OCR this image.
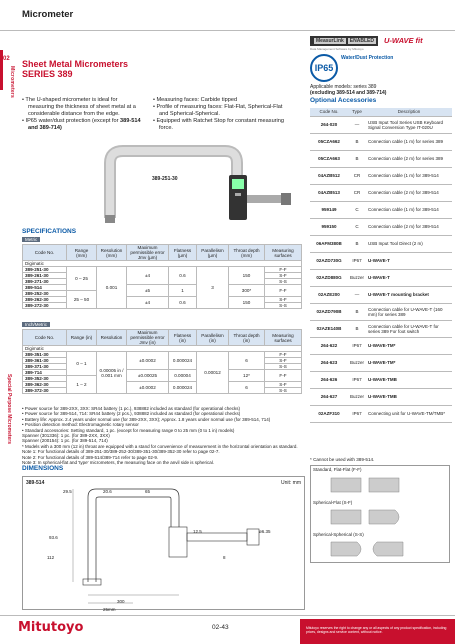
Micrometer
02
Micrometers
Special Purpose Micrometers
Sheet Metal Micrometers
SERIES 389
• The U-shaped micrometer is ideal for measuring the thickness of sheet metal at a considerable distance from the edge.
• IP65 water/dust protection (except for 389-514 and 389-714)
• Measuring faces: Carbide tipped
• Profile of measuring faces: Flat-Flat, Spherical-Flat and Spherical-Spherical.
• Equipped with Ratchet Stop for constant measuring force.
389-251-30
MeasurLink ENABLED
Data Management Software by Mitutoyo
U-WAVE fit
IP65
Water/Dust Protection
Applicable models: series 389
(excluding 389-514 and 389-714)
Optional Accessories
Code No.	Type	Description
264-020	—	USB Input Tool Series USB Keyboard Signal Conversion Type IT-020U
05CZA662	B	Connection cable (1 m) for series 389
05CZA663	B	Connection cable (2 m) for series 389
04AZB512	CR	Connection cable (1 m) for 389-514
04AZB513	CR	Connection cable (2 m) for 389-514
959149	C	Connection cable (1 m) for 389-514
959150	C	Connection cable (2 m) for 389-514
06AFM380B	B	USB Input Tool Direct (2 m)
02AZD730G	IP67	U-WAVE-T
02AZD880G	Buzzer	U-WAVE-T
02AZE200	—	U-WAVE-T mounting bracket
02AZD790B	B	Connection cable for U-WAVE-T (160 mm) for series 389
02AZE140B	B	Connection cable for U-WAVE-T for series 389 For foot switch
264-622	IP67	U-WAVE-TM*
264-623	Buzzer	U-WAVE-TM*
264-626	IP67	U-WAVE-TMB
264-627	Buzzer	U-WAVE-TMB
02AZF310	IP67	Connecting unit for U-WAVE-TM/TMB*
* Cannot be used with 389-514.
Standard, Flat-Flat (F-F)
Spherical-Flat (S-F)
Spherical-Spherical (S-S)
SPECIFICATIONS
Metric
Code No.	Range (mm)	Resolution (mm)	Maximum permissible error Jmv (µm)	Flatness (µm)	Parallelism (µm)	Throat depth (mm)	Measuring surfaces
Digimatic							
389-251-30	0 – 25	0.001	±4	0.6	3	150	F-F
389-261-30							S-F
389-271-30							S-S
389-514			±5	1		300*	F-F
389-252-30	25 – 50						
389-262-30			±4	0.6		150	S-F
389-272-30							S-S
Inch/Metric
Code No.	Range (in)	Resolution	Maximum permissible error Jmv (in)	Flatness (in)	Parallelism (in)	Throat depth (in)	Measuring surfaces
Digimatic							
389-351-30	0 – 1	0.00005 in / 0.001 mm	±0.0002	0.000024	0.00012	6	F-F
389-361-30							S-F
389-371-30							S-S
389-714			±0.00025	0.00004		12*	F-F
389-352-30	1 – 2						
389-362-30			±0.0002	0.000024		6	S-F
389-372-30							S-S
• Power source for 389-2XX, 3XX: SR44 battery (1 pc.), 938882 included as standard (for operational checks)
• Power source for 389-514, 714: SR44 battery (2 pcs.), 938882 included as standard (for operational checks)
• Battery life: Approx. 2.4 years under normal use (for 389-2XX, 3XX); Approx. 1.8 years under normal use (for 389-514, 714)
• Position detection method: Electromagnetic rotary sensor
• Standard accessories: Setting standard, 1 pc. (except for measuring range 0 to 25 mm (0 to 1 in) models)
Spanner (301336): 1 pc. (for 389-2XX, 3XX)
Spanner (200154): 1 pc. (for 389-514, 714)
* Models with a 300 mm (12 in) throat are equipped with a stand for convenience of measurement in the horizontal orientation as standard.
Note 1: For functional details of 389-251-30/389-252-30/389-351-30/389-352-30 refer to page 02-7.
Note 2: For functional details of 389-514/389-714 refer to page 02-9.
Note 3: In spherical-flat and 'type' micrometers, the measuring face on the anvil side is spherical.
DIMENSIONS
389-514	Unit: mm
29.5	20.6	65
300
25mm
93.6
112
12.5
8
ø6.35
Mitutoyo	02-43	Mitutoyo reserves the right to change any or all aspects of any product specification, including prices, designs and service content, without notice.
